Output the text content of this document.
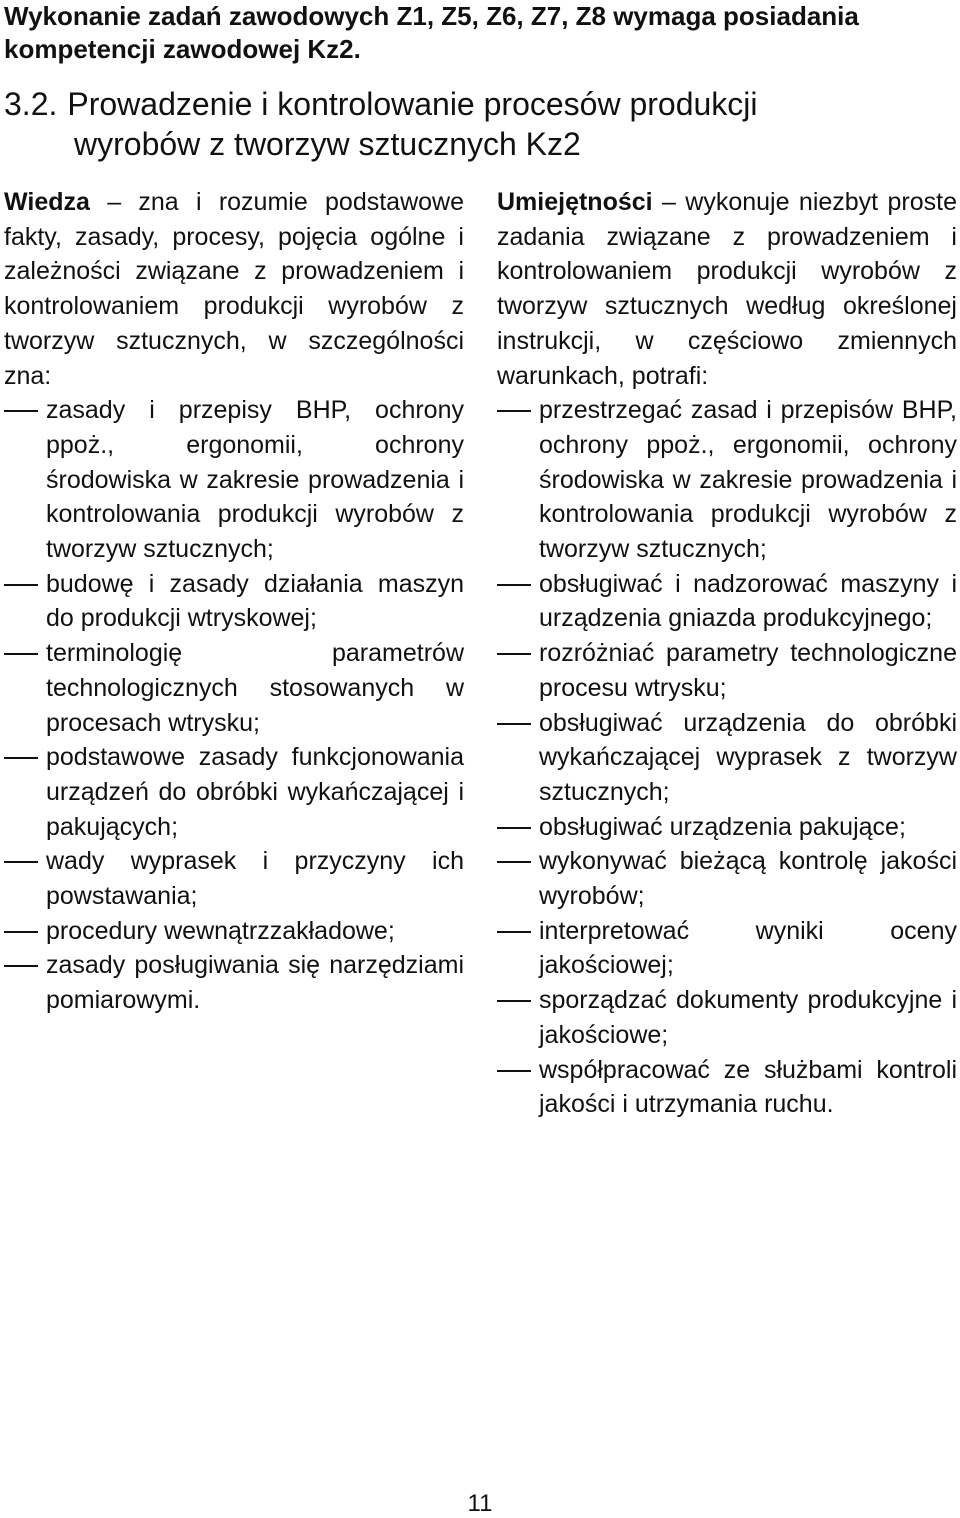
Wykonanie zadań zawodowych Z1, Z5, Z6, Z7, Z8 wymaga posiadania kompetencji zawodowej Kz2.

3.2. Prowadzenie i kontrolowanie procesów produkcji
wyrobów z tworzyw sztucznych Kz2

Wiedza – zna i rozumie podstawowe fakty, zasady, procesy, pojęcia ogólne i zależności związane z prowadzeniem i kontrolowaniem produkcji wyrobów z tworzyw sztucznych, w szczególności zna:

zasady i przepisy BHP, ochrony ppoż., ergonomii, ochrony środowiska w zakresie prowadzenia i kontrolowania produkcji wyrobów z tworzyw sztucznych;
budowę i zasady działania maszyn do produkcji wtryskowej;
terminologię parametrów technologicznych stosowanych w procesach wtrysku;
podstawowe zasady funkcjonowania urządzeń do obróbki wykańczającej i pakujących;
wady wyprasek i przyczyny ich powstawania;
procedury wewnątrzzakładowe;
zasady posługiwania się narzędziami pomiarowymi.

Umiejętności – wykonuje niezbyt proste zadania związane z prowadzeniem i kontrolowaniem produkcji wyrobów z tworzyw sztucznych według określonej instrukcji, w częściowo zmiennych warunkach, potrafi:

przestrzegać zasad i przepisów BHP, ochrony ppoż., ergonomii, ochrony środowiska w zakresie prowadzenia i kontrolowania produkcji wyrobów z tworzyw sztucznych;
obsługiwać i nadzorować maszyny i urządzenia gniazda produkcyjnego;
rozróżniać parametry technologiczne procesu wtrysku;
obsługiwać urządzenia do obróbki wykańczającej wyprasek z tworzyw sztucznych;
obsługiwać urządzenia pakujące;
wykonywać bieżącą kontrolę jakości wyrobów;
interpretować wyniki oceny jakościowej;
sporządzać dokumenty produkcyjne i jakościowe;
współpracować ze służbami kontroli jakości i utrzymania ruchu.
11
